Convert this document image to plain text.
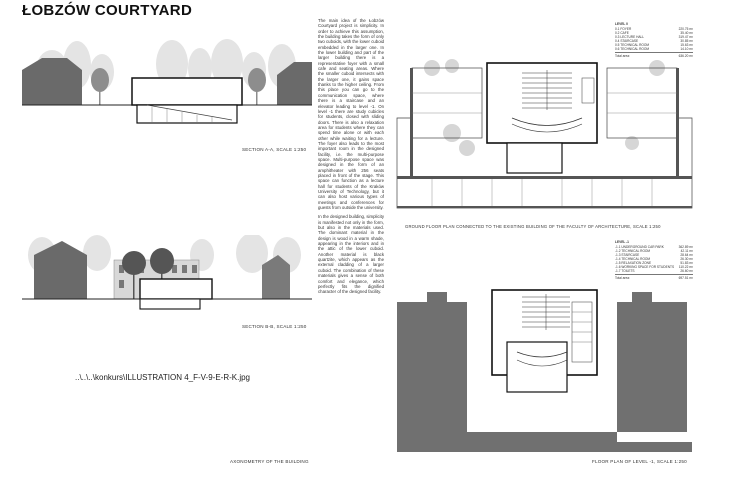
ŁOBZÓW COURTYARD
SECTION A-A, SCALE 1:250
SECTION B-B, SCALE 1:250
..\..\..\konkurs\ILLUSTRATION 4_F-V-9-E-R-K.jpg
AXONOMETRY OF THE BUILDING

The main idea of the Łobzów Courtyard project is simplicity. In order to achieve this assumption, the building takes the form of only two cuboids, with the lower cuboid embedded in the larger one. In the lower building and part of the larger building there is a representative foyer with a small cafe and seating areas. Where the smaller cuboid intersects with the larger one, it gains space thanks to the higher ceiling. From this place you can go to the communication space, where there is a staircase and an elevator leading to level -1. On level -1 there are study cubicles for students, closed with sliding doors. There is also a relaxation area for students where they can spend time alone or with each other while waiting for a lecture. The foyer also leads to the most important room in the designed facility, i.e. the multi-purpose space. Multi-purpose space was designed in the form of an amphitheater with 256 seats placed in front of the stage. This space can function as a lecture hall for students of the Kraków University of Technology, but it can also host various types of meetings and conferences for guests from outside the university.

In the designed building, simplicity is manifested not only in the form, but also in the materials used. The dominant material in the design is wood in a warm shade, appearing in the interiors and in the attic of the lower cuboid. Another material is black quartzite, which appears as the external cladding of a larger cuboid. The combination of these materials gives a sense of both comfort and elegance, which perfectly fits the dignified character of the designed facility.

LEVEL 0
0.1 FOYER	220.75 m²
0.2 CAFE	35.40 m²
0.3 LECTURE HALL	319.47 m²
0.4 STAIRCASE	30.85 m²
0.5 TECHNICAL ROOM	15.63 m²
0.6 TECHNICAL ROOM	14.10 m²
Total area:	636.20 m²
GROUND FLOOR PLAN CONNECTED TO THE EXISTING BUILDING OF THE FACULTY OF ARCHITECTURE, SCALE 1:250
LEVEL -1
-1.1 UNDERGROUND CAR PARK	362.89 m²
-1.2 TECHNICAL ROOM	42.11 m²
-1.3 STAIRCASE	28.64 m²
-1.4 TECHNICAL ROOM	26.30 m²
-1.5 RELAXATION ZONE	51.83 m²
-1.6 WORKING SPACE FOR STUDENTS 110.22 m²
-1.7 TOILETS	26.60 m²
Total area:	697.51 m²
FLOOR PLAN OF LEVEL -1, SCALE 1:250
